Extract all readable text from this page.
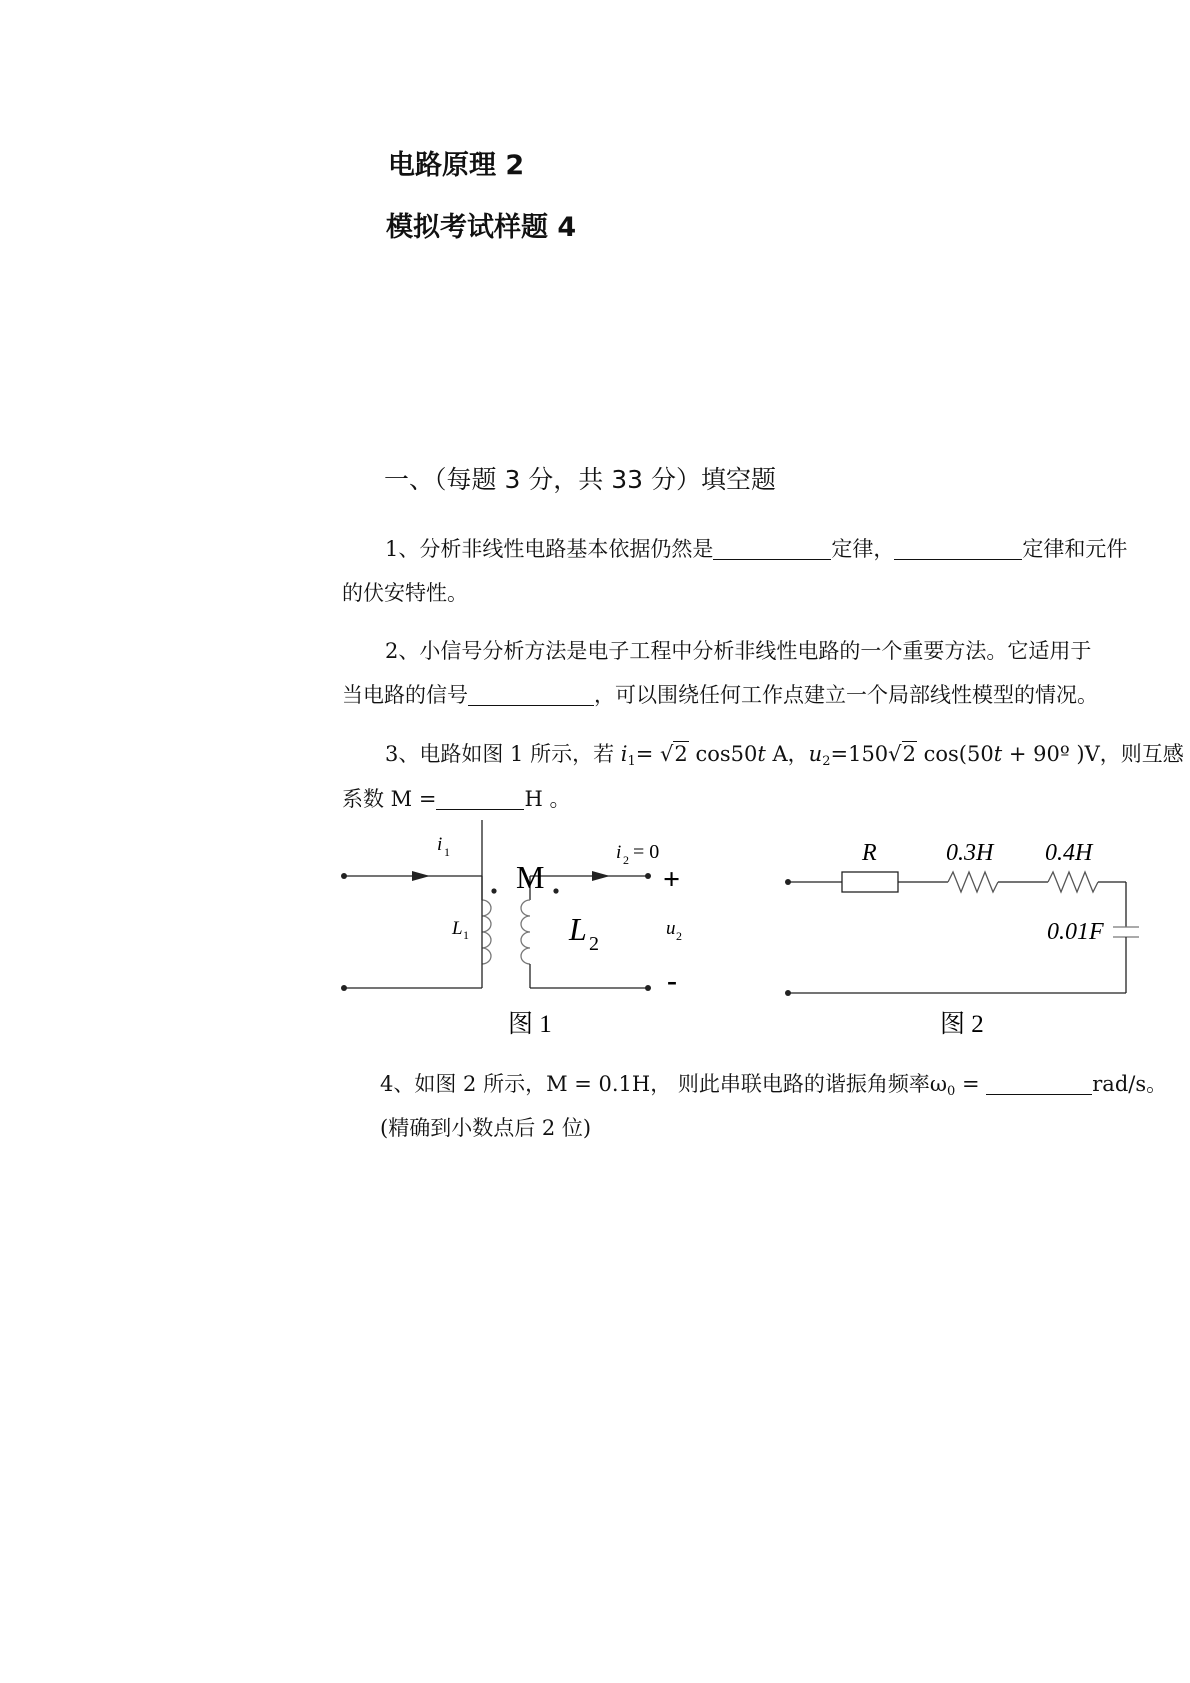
电路原理 2
模拟考试样题 4
一、（每题 3 分，共 33 分）填空题
1、分析非线性电路基本依据仍然是	定律，	定律和元件
的伏安特性。
2、小信号分析方法是电子工程中分析非线性电路的一个重要方法。它适用于
当电路的信号	，可以围绕任何工作点建立一个局部线性模型的情况。
3、电路如图 1 所示，若 $i_1= √2$ cos50t A，$u_2=150√2$ cos(50t + 90º )V，则互感
系数 M =	H 。
i 1
M
i 2 = 0
L 1	L 2
u 2
+
-
图 1
R	0.3H 0.4H
0.01F
图 2
4、如图 2 所示，M = 0.1H， 则此串联电路的谐振角频率$\omega_0$ =	rad/s。
(精确到小数点后 2 位)
